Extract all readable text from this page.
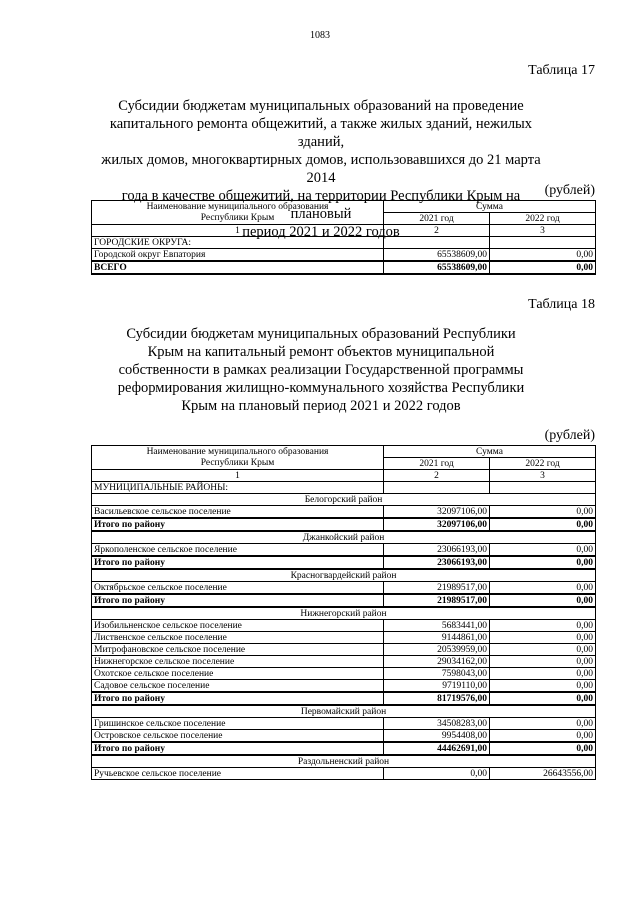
1083
Таблица 17
Субсидии бюджетам муниципальных образований на проведение
капитального ремонта общежитий, а также жилых зданий, нежилых зданий,
жилых домов, многоквартирных домов, использовавшихся до 21 марта 2014
года в качестве общежитий, на территории Республики Крым на плановый
период 2021 и 2022 годов
(рублей)
Наименование муниципального образования
Республики Крым	Сумма	
	2021 год	2022 год
1	2	3
ГОРОДСКИЕ ОКРУГА:		
Городской округ Евпатория	65538609,00	0,00
ВСЕГО	65538609,00	0,00
Таблица 18
Субсидии бюджетам муниципальных образований Республики
Крым на капитальный ремонт объектов муниципальной
собственности в рамках реализации Государственной программы
реформирования жилищно-коммунального хозяйства Республики
Крым на плановый период 2021 и 2022 годов
(рублей)
Наименование муниципального образования
Республики Крым	Сумма	
	2021 год	2022 год
1	2	3
МУНИЦИПАЛЬНЫЕ РАЙОНЫ:		
Белогорский район		
Васильевское сельское поселение	32097106,00	0,00
Итого по району	32097106,00	0,00
Джанкойский район		
Яркополенское сельское поселение	23066193,00	0,00
Итого по району	23066193,00	0,00
Красногвардейский район		
Октябрьское сельское поселение	21989517,00	0,00
Итого по району	21989517,00	0,00
Нижнегорский район		
Изобильненское сельское поселение	5683441,00	0,00
Лиственское сельское поселение	9144861,00	0,00
Митрофановское сельское поселение	20539959,00	0,00
Нижнегорское сельское поселение	29034162,00	0,00
Охотское сельское поселение	7598043,00	0,00
Садовое сельское поселение	9719110,00	0,00
Итого по району	81719576,00	0,00
Первомайский район		
Гришинское сельское поселение	34508283,00	0,00
Островское сельское поселение	9954408,00	0,00
Итого по району	44462691,00	0,00
Раздольненский район		
Ручьевское сельское поселение	0,00	26643556,00
